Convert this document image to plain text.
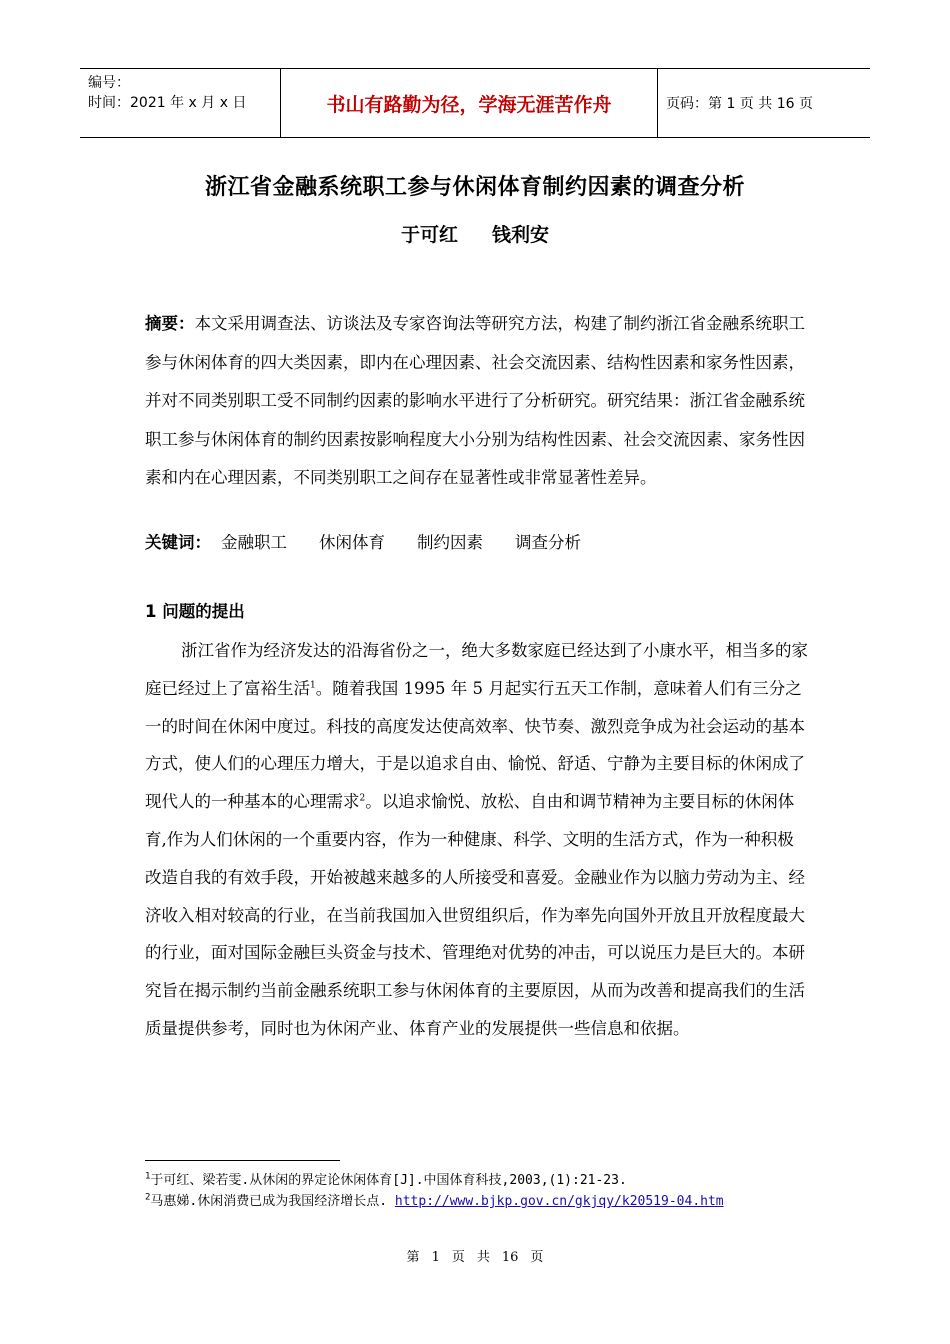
编号：
时间：2021 年 x 月 x 日	书山有路勤为径，学海无涯苦作舟	页码：第 1 页 共 16 页
浙江省金融系统职工参与休闲体育制约因素的调查分析
于可红 钱利安
摘要：本文采用调查法、访谈法及专家咨询法等研究方法，构建了制约浙江省金融系统职工参与休闲体育的四大类因素，即内在心理因素、社会交流因素、结构性因素和家务性因素，并对不同类别职工受不同制约因素的影响水平进行了分析研究。研究结果：浙江省金融系统职工参与休闲体育的制约因素按影响程度大小分别为结构性因素、社会交流因素、家务性因素和内在心理因素，不同类别职工之间存在显著性或非常显著性差异。
关键词： 金融职工 休闲体育 制约因素 调查分析
1 问题的提出
浙江省作为经济发达的沿海省份之一，绝大多数家庭已经达到了小康水平，相当多的家庭已经过上了富裕生活$^1$。随着我国 1995 年 5 月起实行五天工作制，意味着人们有三分之一的时间在休闲中度过。科技的高度发达使高效率、快节奏、激烈竞争成为社会运动的基本方式，使人们的心理压力增大，于是以追求自由、愉悦、舒适、宁静为主要目标的休闲成了现代人的一种基本的心理需求$^2$。以追求愉悦、放松、自由和调节精神为主要目标的休闲体育,作为人们休闲的一个重要内容，作为一种健康、科学、文明的生活方式，作为一种积极改造自我的有效手段，开始被越来越多的人所接受和喜爱。金融业作为以脑力劳动为主、经济收入相对较高的行业，在当前我国加入世贸组织后，作为率先向国外开放且开放程度最大的行业，面对国际金融巨头资金与技术、管理绝对优势的冲击，可以说压力是巨大的。本研究旨在揭示制约当前金融系统职工参与休闲体育的主要原因，从而为改善和提高我们的生活质量提供参考，同时也为休闲产业、体育产业的发展提供一些信息和依据。
$^1$于可红、梁若雯.从休闲的界定论休闲体育[J].中国体育科技,2003,(1):21-23.
$^2$马惠娣.休闲消费已成为我国经济增长点. http://www.bjkp.gov.cn/gkjqy/k20519-04.htm
第 1 页 共 16 页
